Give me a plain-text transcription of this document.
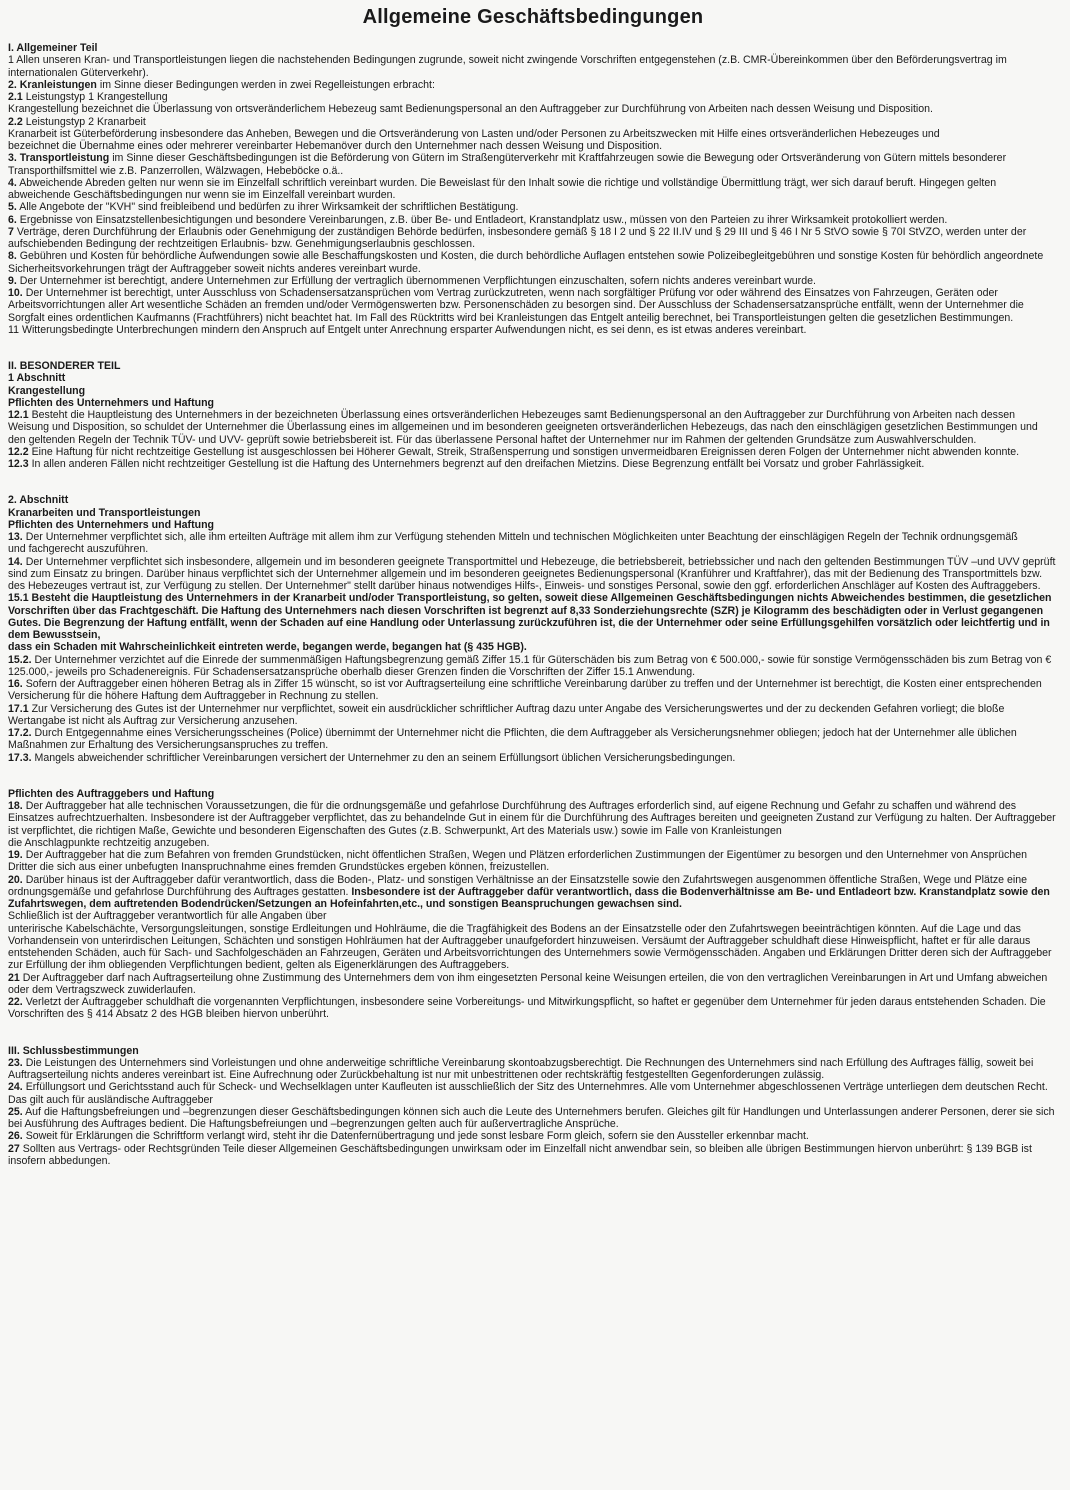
Allgemeine Geschäftsbedingungen
I. Allgemeiner Teil

1 Allen unseren Kran- und Transportleistungen liegen die nachstehenden Bedingungen zugrunde, soweit nicht zwingende Vorschriften entgegenstehen (z.B. CMR-Übereinkommen über den Beförderungsvertrag im internationalen Güterverkehr).

2. Kranleistungen im Sinne dieser Bedingungen werden in zwei Regelleistungen erbracht:

2.1 Leistungstyp 1 Krangestellung

Krangestellung bezeichnet die Überlassung von ortsveränderlichem Hebezeug samt Bedienungspersonal an den Auftraggeber zur Durchführung von Arbeiten nach dessen Weisung und Disposition.

2.2 Leistungstyp 2 Kranarbeit

Kranarbeit ist Güterbeförderung insbesondere das Anheben, Bewegen und die Ortsveränderung von Lasten und/oder Personen zu Arbeitszwecken mit Hilfe eines ortsveränderlichen Hebezeuges und

bezeichnet die Übernahme eines oder mehrerer vereinbarter Hebemanöver durch den Unternehmer nach dessen Weisung und Disposition.

3. Transportleistung im Sinne dieser Geschäftsbedingungen ist die Beförderung von Gütern im Straßengüterverkehr mit Kraftfahrzeugen sowie die Bewegung oder Ortsveränderung von Gütern mittels besonderer Transporthilfsmittel wie z.B. Panzerrollen, Wälzwagen, Hebeböcke o.ä..

4. Abweichende Abreden gelten nur wenn sie im Einzelfall schriftlich vereinbart wurden. Die Beweislast für den Inhalt sowie die richtige und vollständige Übermittlung trägt, wer sich darauf beruft. Hingegen gelten abweichende Geschäftsbedingungen nur wenn sie im Einzelfall vereinbart wurden.

5. Alle Angebote der "KVH" sind freibleibend und bedürfen zu ihrer Wirksamkeit der schriftlichen Bestätigung.

6. Ergebnisse von Einsatzstellenbesichtigungen und besondere Vereinbarungen, z.B. über Be- und Entladeort, Kranstandplatz usw., müssen von den Parteien zu ihrer Wirksamkeit protokolliert werden.

7 Verträge, deren Durchführung der Erlaubnis oder Genehmigung der zuständigen Behörde bedürfen, insbesondere gemäß § 18 I 2 und § 22 II.IV und § 29 III und § 46 I Nr 5 StVO sowie § 70I StVZO, werden unter der aufschiebenden Bedingung der rechtzeitigen Erlaubnis- bzw. Genehmigungserlaubnis geschlossen.

8. Gebühren und Kosten für behördliche Aufwendungen sowie alle Beschaffungskosten und Kosten, die durch behördliche Auflagen entstehen sowie Polizeibegleitgebühren und sonstige Kosten für behördlich angeordnete Sicherheitsvorkehrungen trägt der Auftraggeber soweit nichts anderes vereinbart wurde.

9. Der Unternehmer ist berechtigt, andere Unternehmen zur Erfüllung der vertraglich übernommenen Verpflichtungen einzuschalten, sofern nichts anderes vereinbart wurde.

10. Der Unternehmer ist berechtigt, unter Ausschluss von Schadensersatzansprüchen vom Vertrag zurückzutreten, wenn nach sorgfältiger Prüfung vor oder während des Einsatzes von Fahrzeugen, Geräten oder Arbeitsvorrichtungen aller Art wesentliche Schäden an fremden und/oder Vermögenswerten bzw. Personenschäden zu besorgen sind. Der Ausschluss der Schadensersatzansprüche entfällt, wenn der Unternehmer die Sorgfalt eines ordentlichen Kaufmanns (Frachtführers) nicht beachtet hat. Im Fall des Rücktritts wird bei Kranleistungen das Entgelt anteilig berechnet, bei Transportleistungen gelten die gesetzlichen Bestimmungen.

11 Witterungsbedingte Unterbrechungen mindern den Anspruch auf Entgelt unter Anrechnung ersparter Aufwendungen nicht, es sei denn, es ist etwas anderes vereinbart.

II. BESONDERER TEIL
1 Abschnitt
Krangestellung
Pflichten des Unternehmers und Haftung

12.1 Besteht die Hauptleistung des Unternehmers in der bezeichneten Überlassung eines ortsveränderlichen Hebezeuges samt Bedienungspersonal an den Auftraggeber zur Durchführung von Arbeiten nach dessen Weisung und Disposition, so schuldet der Unternehmer die Überlassung eines im allgemeinen und im besonderen geeigneten ortsveränderlichen Hebezeugs, das nach den einschlägigen gesetzlichen Bestimmungen und den geltenden Regeln der Technik TÜV- und UVV- geprüft sowie betriebsbereit ist. Für das überlassene Personal haftet der Unternehmer nur im Rahmen der geltenden Grundsätze zum Auswahlverschulden.

12.2 Eine Haftung für nicht rechtzeitige Gestellung ist ausgeschlossen bei Höherer Gewalt, Streik, Straßensperrung und sonstigen unvermeidbaren Ereignissen deren Folgen der Unternehmer nicht abwenden konnte.

12.3 In allen anderen Fällen nicht rechtzeitiger Gestellung ist die Haftung des Unternehmers begrenzt auf den dreifachen Mietzins. Diese Begrenzung entfällt bei Vorsatz und grober Fahrlässigkeit.

2. Abschnitt
Kranarbeiten und Transportleistungen
Pflichten des Unternehmers und Haftung

13. Der Unternehmer verpflichtet sich, alle ihm erteilten Aufträge mit allem ihm zur Verfügung stehenden Mitteln und technischen Möglichkeiten unter Beachtung der einschlägigen Regeln der Technik ordnungsgemäß

und fachgerecht auszuführen.

14. Der Unternehmer verpflichtet sich insbesondere, allgemein und im besonderen geeignete Transportmittel und Hebezeuge, die betriebsbereit, betriebssicher und nach den geltenden Bestimmungen TÜV –und UVV geprüft sind zum Einsatz zu bringen. Darüber hinaus verpflichtet sich der Unternehmer allgemein und im besonderen geeignetes Bedienungspersonal (Kranführer und Kraftfahrer), das mit der Bedienung des Transportmittels bzw. des Hebezeuges vertraut ist, zur Verfügung zu stellen. Der Unternehmer" stellt darüber hinaus notwendiges Hilfs-, Einweis- und sonstiges Personal, sowie den ggf. erforderlichen Anschläger auf Kosten des Auftraggebers.

15.1 Besteht die Hauptleistung des Unternehmers in der Kranarbeit und/oder Transportleistung, so gelten, soweit diese Allgemeinen Geschäftsbedingungen nichts Abweichendes bestimmen, die gesetzlichen Vorschriften über das Frachtgeschäft. Die Haftung des Unternehmers nach diesen Vorschriften ist begrenzt auf 8,33 Sonderziehungsrechte (SZR) je Kilogramm des beschädigten oder in Verlust gegangenen Gutes. Die Begrenzung der Haftung entfällt, wenn der Schaden auf eine Handlung oder Unterlassung zurückzuführen ist, die der Unternehmer oder seine Erfüllungsgehilfen vorsätzlich oder leichtfertig und in dem Bewusstsein,

dass ein Schaden mit Wahrscheinlichkeit eintreten werde, begangen werde, begangen hat (§ 435 HGB).

15.2. Der Unternehmer verzichtet auf die Einrede der summenmäßigen Haftungsbegrenzung gemäß Ziffer 15.1 für Güterschäden bis zum Betrag von € 500.000,- sowie für sonstige Vermögensschäden bis zum Betrag von € 125.000,- jeweils pro Schadenereignis. Für Schadensersatzansprüche oberhalb dieser Grenzen finden die Vorschriften der Ziffer 15.1 Anwendung.

16. Sofern der Auftraggeber einen höheren Betrag als in Ziffer 15 wünscht, so ist vor Auftragserteilung eine schriftliche Vereinbarung darüber zu treffen und der Unternehmer ist berechtigt, die Kosten einer entsprechenden Versicherung für die höhere Haftung dem Auftraggeber in Rechnung zu stellen.

17.1 Zur Versicherung des Gutes ist der Unternehmer nur verpflichtet, soweit ein ausdrücklicher schriftlicher Auftrag dazu unter Angabe des Versicherungswertes und der zu deckenden Gefahren vorliegt; die bloße Wertangabe ist nicht als Auftrag zur Versicherung anzusehen.

17.2. Durch Entgegennahme eines Versicherungsscheines (Police) übernimmt der Unternehmer nicht die Pflichten, die dem Auftraggeber als Versicherungsnehmer obliegen; jedoch hat der Unternehmer alle üblichen Maßnahmen zur Erhaltung des Versicherungsanspruches zu treffen.

17.3. Mangels abweichender schriftlicher Vereinbarungen versichert der Unternehmer zu den an seinem Erfüllungsort üblichen Versicherungsbedingungen.

Pflichten des Auftraggebers und Haftung

18. Der Auftraggeber hat alle technischen Voraussetzungen, die für die ordnungsgemäße und gefahrlose Durchführung des Auftrages erforderlich sind, auf eigene Rechnung und Gefahr zu schaffen und während des Einsatzes aufrechtzuerhalten. Insbesondere ist der Auftraggeber verpflichtet, das zu behandelnde Gut in einem für die Durchführung des Auftrages bereiten und geeigneten Zustand zur Verfügung zu halten. Der Auftraggeber ist verpflichtet, die richtigen Maße, Gewichte und besonderen Eigenschaften des Gutes (z.B. Schwerpunkt, Art des Materials usw.) sowie im Falle von Kranleistungen

die Anschlagpunkte rechtzeitig anzugeben.

19. Der Auftraggeber hat die zum Befahren von fremden Grundstücken, nicht öffentlichen Straßen, Wegen und Plätzen erforderlichen Zustimmungen der Eigentümer zu besorgen und den Unternehmer von Ansprüchen Dritter die sich aus einer unbefugten Inanspruchnahme eines fremden Grundstückes ergeben können, freizustellen.

20. Darüber hinaus ist der Auftraggeber dafür verantwortlich, dass die Boden-, Platz- und sonstigen Verhältnisse an der Einsatzstelle sowie den Zufahrtswegen ausgenommen öffentliche Straßen, Wege und Plätze eine ordnungsgemäße und gefahrlose Durchführung des Auftrages gestatten. Insbesondere ist der Auftraggeber dafür verantwortlich, dass die Bodenverhältnisse am Be- und Entladeort bzw. Kranstandplatz sowie den Zufahrtswegen, dem auftretenden Bodendrücken/Setzungen an Hofeinfahrten,etc., und sonstigen Beanspruchungen gewachsen sind.

Schließlich ist der Auftraggeber verantwortlich für alle Angaben über

unterirische Kabelschächte, Versorgungsleitungen, sonstige Erdleitungen und Hohlräume, die die Tragfähigkeit des Bodens an der Einsatzstelle oder den Zufahrtswegen beeinträchtigen könnten. Auf die Lage und das Vorhandensein von unterirdischen Leitungen, Schächten und sonstigen Hohlräumen hat der Auftraggeber unaufgefordert hinzuweisen. Versäumt der Auftraggeber schuldhaft diese Hinweispflicht, haftet er für alle daraus entstehenden Schäden, auch für Sach- und Sachfolgeschäden an Fahrzeugen, Geräten und Arbeitsvorrichtungen des Unternehmers sowie Vermögensschäden. Angaben und Erklärungen Dritter deren sich der Auftraggeber zur Erfüllung der ihm obliegenden Verpflichtungen bedient, gelten als Eigenerklärungen des Auftraggebers.

21 Der Auftraggeber darf nach Auftragserteilung ohne Zustimmung des Unternehmers dem von ihm eingesetzten Personal keine Weisungen erteilen, die von den vertraglichen Vereinbarungen in Art und Umfang abweichen oder dem Vertragszweck zuwiderlaufen.

22. Verletzt der Auftraggeber schuldhaft die vorgenannten Verpflichtungen, insbesondere seine Vorbereitungs- und Mitwirkungspflicht, so haftet er gegenüber dem Unternehmer für jeden daraus entstehenden Schaden. Die Vorschriften des § 414 Absatz 2 des HGB bleiben hiervon unberührt.

III. Schlussbestimmungen

23. Die Leistungen des Unternehmers sind Vorleistungen und ohne anderweitige schriftliche Vereinbarung skontoabzugsberechtigt. Die Rechnungen des Unternehmers sind nach Erfüllung des Auftrages fällig, soweit bei Auftragserteilung nichts anderes vereinbart ist. Eine Aufrechnung oder Zurückbehaltung ist nur mit unbestrittenen oder rechtskräftig festgestellten Gegenforderungen zulässig.

24. Erfüllungsort und Gerichtsstand auch für Scheck- und Wechselklagen unter Kaufleuten ist ausschließlich der Sitz des Unternehmres. Alle vom Unternehmer abgeschlossenen Verträge unterliegen dem deutschen Recht. Das gilt auch für ausländische Auftraggeber

25. Auf die Haftungsbefreiungen und –begrenzungen dieser Geschäftsbedingungen können sich auch die Leute des Unternehmers berufen. Gleiches gilt für Handlungen und Unterlassungen anderer Personen, derer sie sich bei Ausführung des Auftrages bedient. Die Haftungsbefreiungen und –begrenzungen gelten auch für außervertragliche Ansprüche.

26. Soweit für Erklärungen die Schriftform verlangt wird, steht ihr die Datenfernübertragung und jede sonst lesbare Form gleich, sofern sie den Aussteller erkennbar macht.

27 Sollten aus Vertrags- oder Rechtsgründen Teile dieser Allgemeinen Geschäftsbedingungen unwirksam oder im Einzelfall nicht anwendbar sein, so bleiben alle übrigen Bestimmungen hiervon unberührt: § 139 BGB ist insofern abbedungen.
